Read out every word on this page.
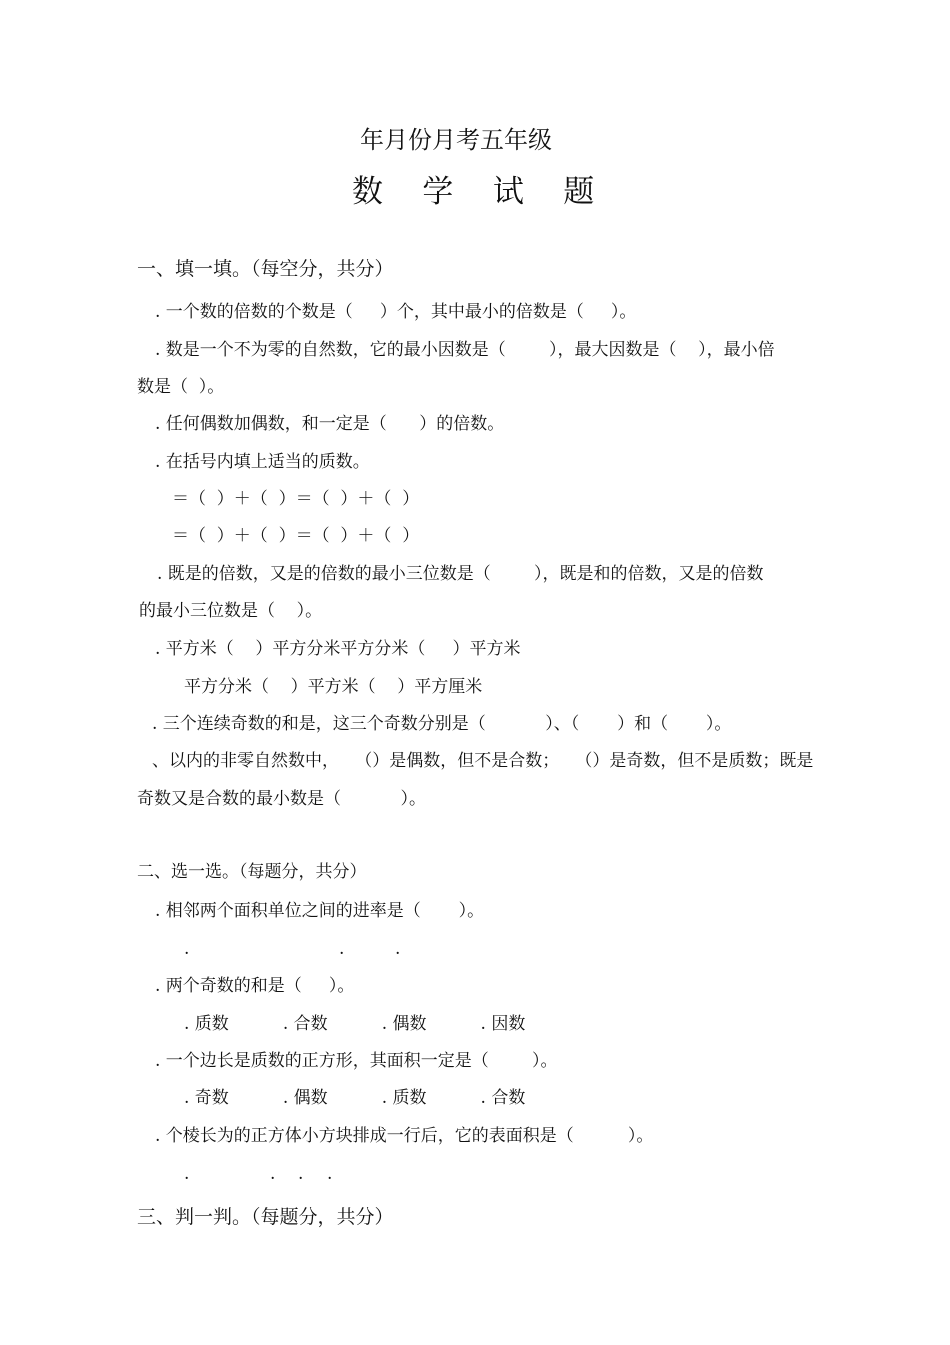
年月份月考五年级
数    学    试    题
一、填一填。（每空分，共分）
. 一个数的倍数的个数是（     ）个，其中最小的倍数是（     ）。
. 数是一个不为零的自然数，它的最小因数是（        ），最大因数是（    ），最小倍
数是（  ）。
. 任何偶数加偶数，和一定是（      ）的倍数。
. 在括号内填上适当的质数。
＝（  ）＋（  ）＝（  ）＋（  ）
＝（  ）＋（  ）＝（  ）＋（  ）
. 既是的倍数，又是的倍数的最小三位数是（        ），既是和的倍数，又是的倍数
的最小三位数是（    ）。
. 平方米（    ）平方分米平方分米（     ）平方米
平方分米（    ）平方米（    ）平方厘米
. 三个连续奇数的和是，这三个奇数分别是（           ）、（       ）和（       ）。
、以内的非零自然数中，   （）是偶数，但不是合数；   （）是奇数，但不是质数；既是
奇数又是合数的最小数是（           ）。
二、选一选。（每题分，共分）
. 相邻两个面积单位之间的进率是（       ）。
.	.	.
. 两个奇数的和是（     ）。
. 质数          . 合数          . 偶数          . 因数
. 一个边长是质数的正方形，其面积一定是（        ）。
. 奇数          . 偶数          . 质数          . 合数
. 个棱长为的正方体小方块排成一行后，它的表面积是（          ）。
.	. . .
三、判一判。（每题分，共分）
